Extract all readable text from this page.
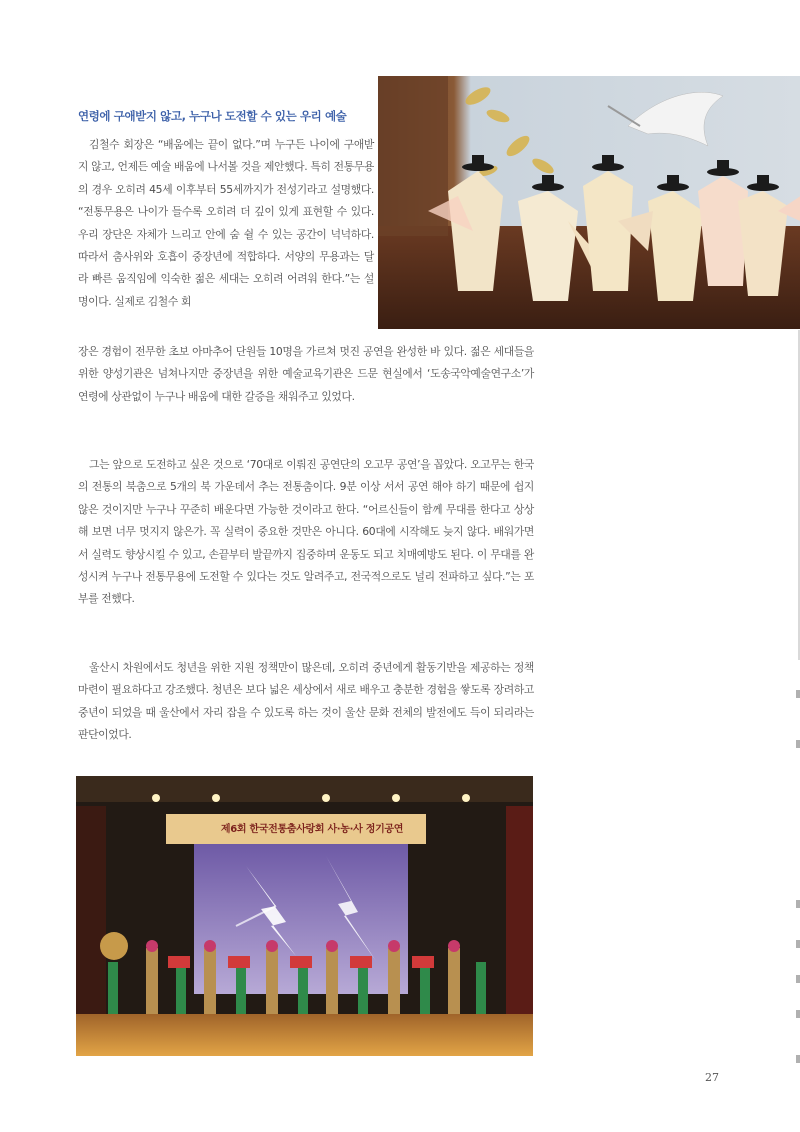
연령에 구애받지 않고, 누구나 도전할 수 있는 우리 예술

김철수 회장은 “배움에는 끝이 없다.”며 누구든 나이에 구애받지 않고, 언제든 예술 배움에 나서볼 것을 제안했다. 특히 전통무용의 경우 오히려 45세 이후부터 55세까지가 전성기라고 설명했다. “전통무용은 나이가 들수록 오히려 더 깊이 있게 표현할 수 있다. 우리 장단은 자체가 느리고 안에 숨 쉴 수 있는 공간이 넉넉하다. 따라서 춤사위와 호흡이 중장년에 적합하다. 서양의 무용과는 달라 빠른 움직임에 익숙한 젊은 세대는 오히려 어려워 한다.”는 설명이다. 실제로 김철수 회

장은 경험이 전무한 초보 아마추어 단원들 10명을 가르쳐 멋진 공연을 완성한 바 있다. 젊은 세대들을 위한 양성기관은 넘쳐나지만 중장년을 위한 예술교육기관은 드문 현실에서 ‘도송국악예술연구소’가 연령에 상관없이 누구나 배움에 대한 갈증을 채워주고 있었다.

그는 앞으로 도전하고 싶은 것으로 ‘70대로 이뤄진 공연단의 오고무 공연’을 꼽았다. 오고무는 한국의 전통의 북춤으로 5개의 북 가운데서 추는 전통춤이다. 9분 이상 서서 공연 해야 하기 때문에 쉽지 않은 것이지만 누구나 꾸준히 배운다면 가능한 것이라고 한다. “어르신들이 함께 무대를 한다고 상상해 보면 너무 멋지지 않은가. 꼭 실력이 중요한 것만은 아니다. 60대에 시작해도 늦지 않다. 배워가면서 실력도 향상시킬 수 있고, 손끝부터 발끝까지 집중하며 운동도 되고 치매예방도 된다. 이 무대를 완성시켜 누구나 전통무용에 도전할 수 있다는 것도 알려주고, 전국적으로도 널리 전파하고 싶다.”는 포부를 전했다.

울산시 차원에서도 청년을 위한 지원 정책만이 많은데, 오히려 중년에게 활동기반을 제공하는 정책 마련이 필요하다고 강조했다. 청년은 보다 넓은 세상에서 새로 배우고 충분한 경험을 쌓도록 장려하고 중년이 되었을 때 울산에서 자리 잡을 수 있도록 하는 것이 울산 문화 전체의 발전에도 득이 되리라는 판단이었다.

제6회 한국전통춤사랑회 사·농·사 정기공연
27
